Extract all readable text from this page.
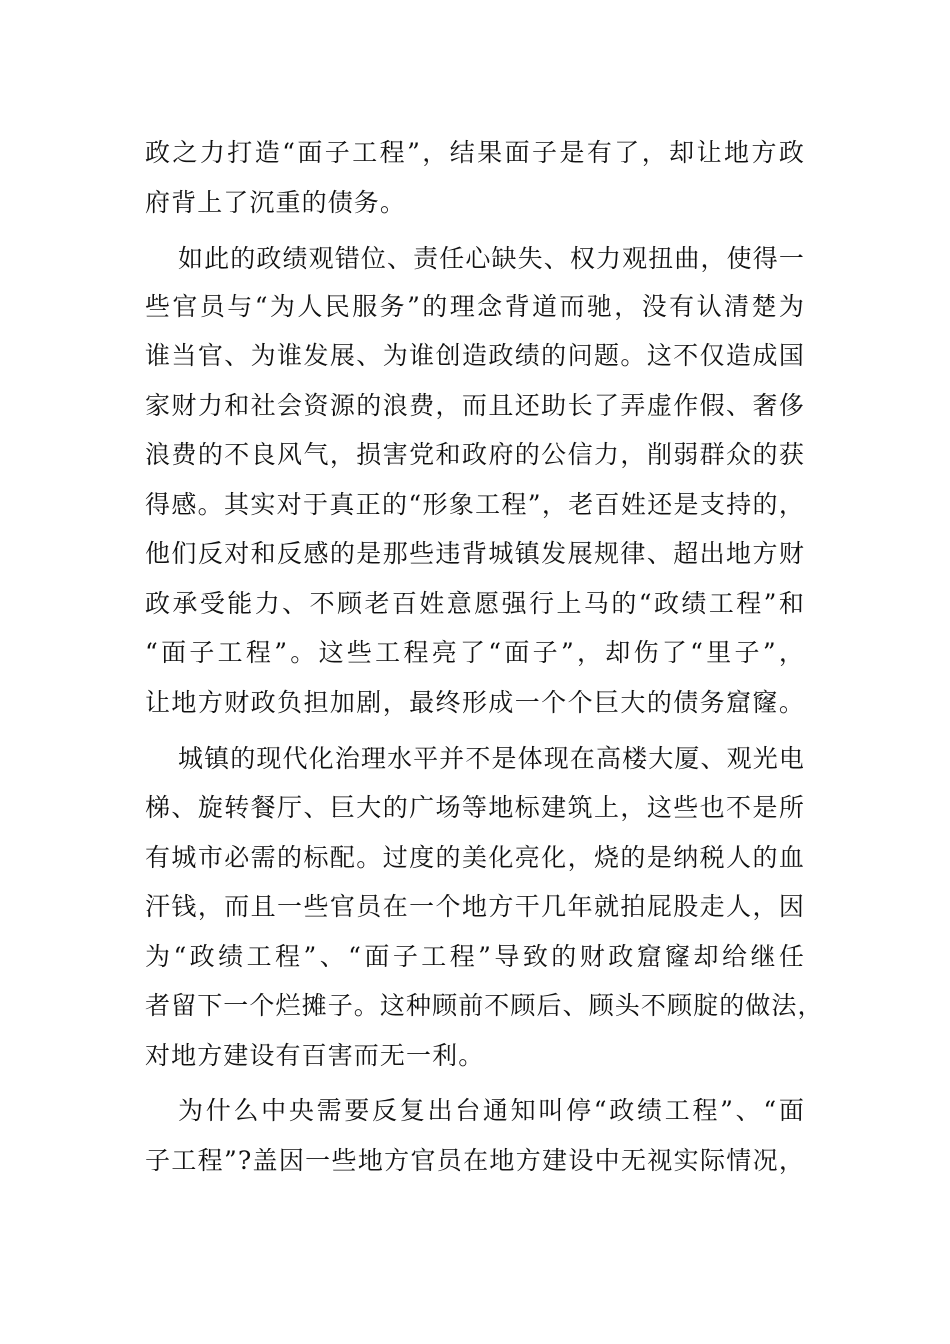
政之力打造“面子工程”，结果面子是有了，却让地方政

府背上了沉重的债务。

如此的政绩观错位、责任心缺失、权力观扭曲，使得一

些官员与“为人民服务”的理念背道而驰，没有认清楚为

谁当官、为谁发展、为谁创造政绩的问题。这不仅造成国

家财力和社会资源的浪费，而且还助长了弄虚作假、奢侈

浪费的不良风气，损害党和政府的公信力，削弱群众的获

得感。其实对于真正的“形象工程”，老百姓还是支持的，

他们反对和反感的是那些违背城镇发展规律、超出地方财

政承受能力、不顾老百姓意愿强行上马的“政绩工程”和

“面子工程”。这些工程亮了“面子”，却伤了“里子”，

让地方财政负担加剧，最终形成一个个巨大的债务窟窿。

城镇的现代化治理水平并不是体现在高楼大厦、观光电

梯、旋转餐厅、巨大的广场等地标建筑上，这些也不是所

有城市必需的标配。过度的美化亮化，烧的是纳税人的血

汗钱，而且一些官员在一个地方干几年就拍屁股走人，因

为“政绩工程”、“面子工程”导致的财政窟窿却给继任

者留下一个烂摊子。这种顾前不顾后、顾头不顾腚的做法，

对地方建设有百害而无一利。

为什么中央需要反复出台通知叫停“政绩工程”、“面

子工程”?盖因一些地方官员在地方建设中无视实际情况，
